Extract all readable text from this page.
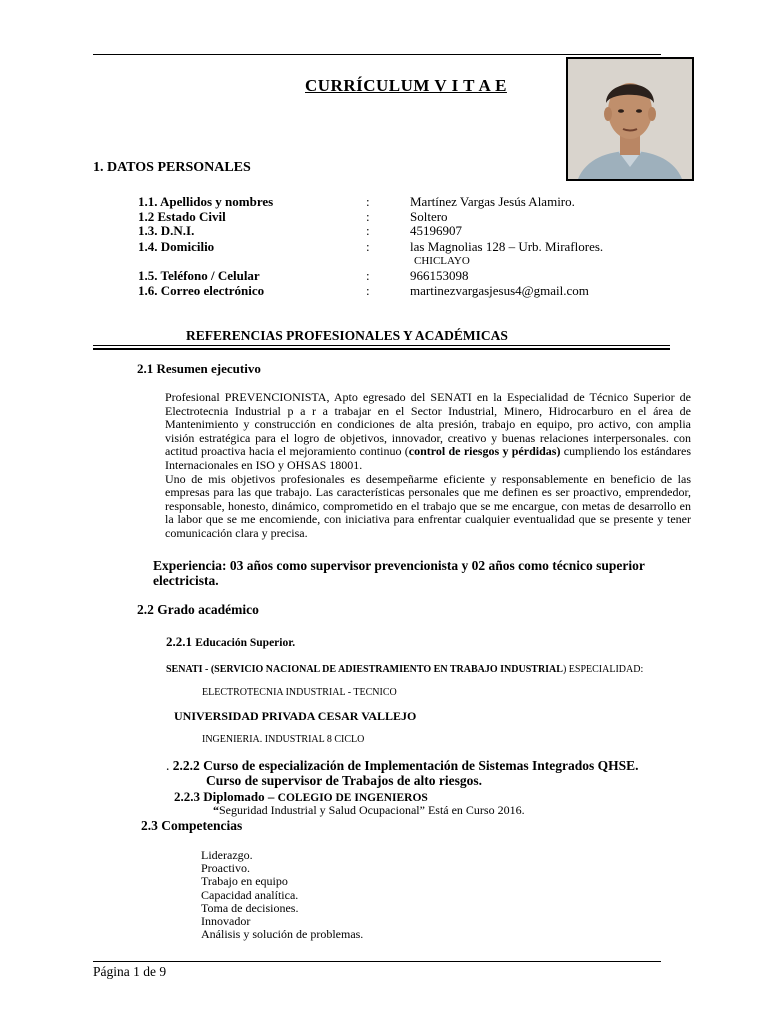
CURRÍCULUM V I T A E
1. DATOS PERSONALES
1.1. Apellidos y nombres	:	Martínez Vargas Jesús Alamiro.
1.2 Estado Civil	:	Soltero
1.3. D.N.I.	:	45196907
1.4. Domicilio	:	las Magnolias 128 – Urb. Miraflores.
CHICLAYO
1.5. Teléfono / Celular	:	966153098
1.6. Correo electrónico	:	martinezvargasjesus4@gmail.com
REFERENCIAS PROFESIONALES Y ACADÉMICAS
2.1 Resumen ejecutivo
Profesional PREVENCIONISTA, Apto egresado del SENATI en la Especialidad de Técnico Superior de Electrotecnia Industrial p a r a trabajar en el Sector Industrial, Minero, Hidrocarburo en el área de Mantenimiento y construcción en condiciones de alta presión, trabajo en equipo, pro activo, con amplia visión estratégica para el logro de objetivos, innovador, creativo y buenas relaciones interpersonales. con actitud proactiva hacia el mejoramiento continuo (control de riesgos y pérdidas) cumpliendo los estándares Internacionales en ISO y OHSAS 18001.
Uno de mis objetivos profesionales es desempeñarme eficiente y responsablemente en beneficio de las empresas para las que trabajo. Las características personales que me definen es ser proactivo, emprendedor, responsable, honesto, dinámico, comprometido en el trabajo que se me encargue, con metas de desarrollo en la labor que se me encomiende, con iniciativa para enfrentar cualquier eventualidad que se presente y tener comunicación clara y precisa.
Experiencia: 03 años como supervisor prevencionista y 02 años como técnico superior electricista.
2.2 Grado académico
2.2.1 Educación Superior.
SENATI - (SERVICIO NACIONAL DE ADIESTRAMIENTO EN TRABAJO INDUSTRIAL) ESPECIALIDAD:
ELECTROTECNIA INDUSTRIAL - TECNICO
UNIVERSIDAD PRIVADA CESAR VALLEJO
INGENIERIA. INDUSTRIAL 8 CICLO
. 2.2.2 Curso de especialización de Implementación de Sistemas Integrados QHSE.
Curso de supervisor de Trabajos de alto riesgos.
2.2.3 Diplomado – COLEGIO DE INGENIEROS
“Seguridad Industrial y Salud Ocupacional” Está en Curso 2016.
2.3 Competencias
Liderazgo.
Proactivo.
Trabajo en equipo
Capacidad analítica.
Toma de decisiones.
Innovador
Análisis y solución de problemas.
Página 1 de 9
